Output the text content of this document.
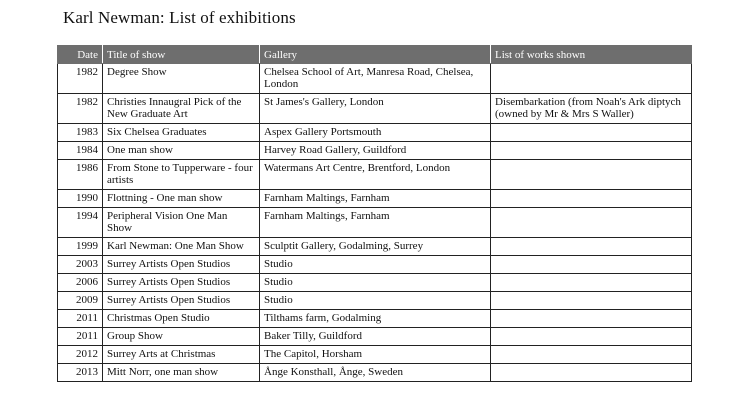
Karl Newman: List of exhibitions
Date	Title of show	Gallery	List of works shown
1982	Degree Show	Chelsea School of Art, Manresa Road, Chelsea, London	
1982	Christies Innaugral Pick of the New Graduate Art	St James's Gallery, London	Disembarkation (from Noah's Ark diptych (owned by Mr & Mrs S Waller)
1983	Six Chelsea Graduates	Aspex Gallery Portsmouth	
1984	One man show	Harvey Road Gallery, Guildford	
1986	From Stone to Tupperware - four artists	Watermans Art Centre, Brentford, London	
1990	Flottning - One man show	Farnham Maltings, Farnham	
1994	Peripheral Vision One Man Show	Farnham Maltings, Farnham	
1999	Karl Newman: One Man Show	Sculptit Gallery, Godalming, Surrey	
2003	Surrey Artists Open Studios	Studio	
2006	Surrey Artists Open Studios	Studio	
2009	Surrey Artists Open Studios	Studio	
2011	Christmas Open Studio	Tilthams farm, Godalming	
2011	Group Show	Baker Tilly, Guildford	
2012	Surrey Arts at Christmas	The Capitol, Horsham	
2013	Mitt Norr, one man show	Ånge Konsthall, Ånge, Sweden	
